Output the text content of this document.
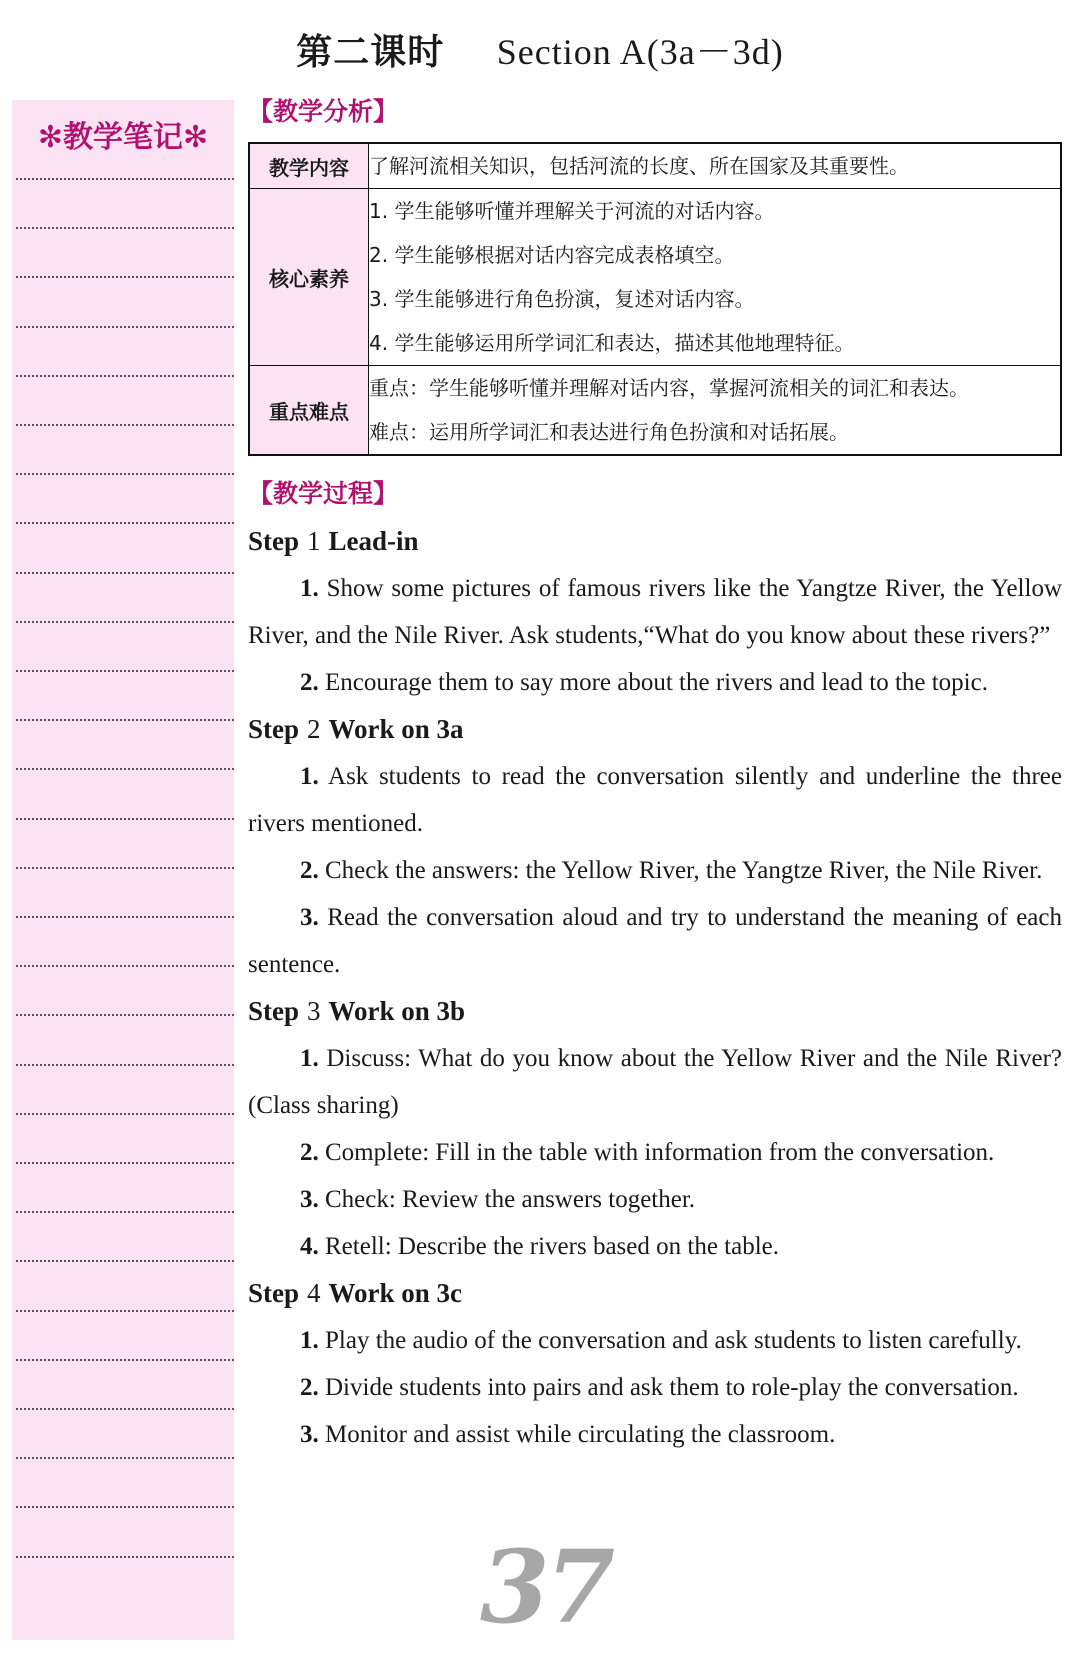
第二课时 Section A(3a－3d)
✻教学笔记✻
【教学分析】
教学内容	了解河流相关知识，包括河流的长度、所在国家及其重要性。

核心素养	1. 学生能够听懂并理解关于河流的对话内容。
2. 学生能够根据对话内容完成表格填空。
3. 学生能够进行角色扮演，复述对话内容。
4. 学生能够运用所学词汇和表达，描述其他地理特征。

重点难点	重点：学生能够听懂并理解对话内容，掌握河流相关的词汇和表达。
难点：运用所学词汇和表达进行角色扮演和对话拓展。
【教学过程】
Step 1 Lead-in

1. Show some pictures of famous rivers like the Yangtze River, the Yellow River, and the Nile River. Ask students,“What do you know about these rivers?”

2. Encourage them to say more about the rivers and lead to the topic.

Step 2 Work on 3a

1. Ask students to read the conversation silently and underline the three rivers mentioned.

2. Check the answers: the Yellow River, the Yangtze River, the Nile River.

3. Read the conversation aloud and try to understand the meaning of each sentence.

Step 3 Work on 3b

1. Discuss: What do you know about the Yellow River and the Nile River? (Class sharing)

2. Complete: Fill in the table with information from the conversation.

3. Check: Review the answers together.

4. Retell: Describe the rivers based on the table.

Step 4 Work on 3c

1. Play the audio of the conversation and ask students to listen carefully.

2. Divide students into pairs and ask them to role-play the conversation.

3. Monitor and assist while circulating the classroom.

37
